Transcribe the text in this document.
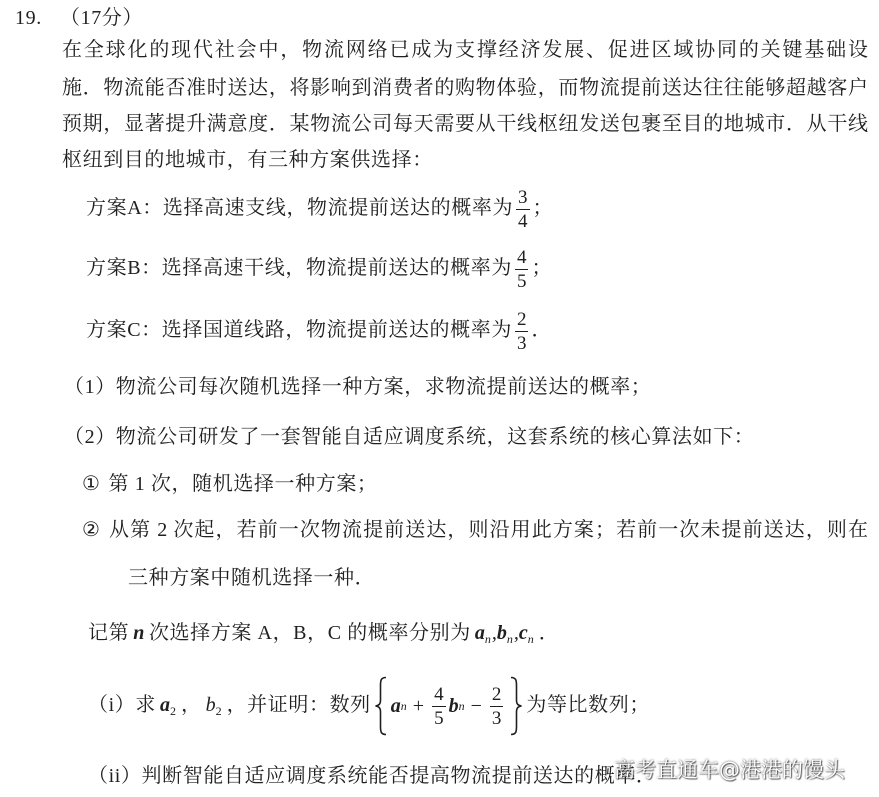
19. （17分）
在全球化的现代社会中，物流网络已成为支撑经济发展、促进区域协同的关键基础设
施．物流能否准时送达，将影响到消费者的购物体验，而物流提前送达往往能够超越客户
预期，显著提升满意度．某物流公司每天需要从干线枢纽发送包裹至目的地城市．从干线
枢纽到目的地城市，有三种方案供选择：
方案A：选择高速支线，物流提前送达的概率为 $\frac{3}{4}$ ；
方案B：选择高速干线，物流提前送达的概率为 $\frac{4}{5}$ ；
方案C：选择国道线路，物流提前送达的概率为 $\frac{2}{3}$ ．
（1）物流公司每次随机选择一种方案，求物流提前送达的概率；
（2）物流公司研发了一套智能自适应调度系统，这套系统的核心算法如下：
① 第 1 次，随机选择一种方案；
② 从第 2 次起，若前一次物流提前送达，则沿用此方案；若前一次未提前送达，则在
三种方案中随机选择一种．
记第 n 次选择方案 A，B，C 的概率分别为 $a_n,b_n,c_n$ ．
（i）求 $a_2$ ， $b_2$ ，并证明：数列 a $n + \frac{4}{5}$ b $n - \frac{2}{3}$ 为等比数列；
（ii）判断智能自适应调度系统能否提高物流提前送达的概率．
高考直通车@港港的馒头
